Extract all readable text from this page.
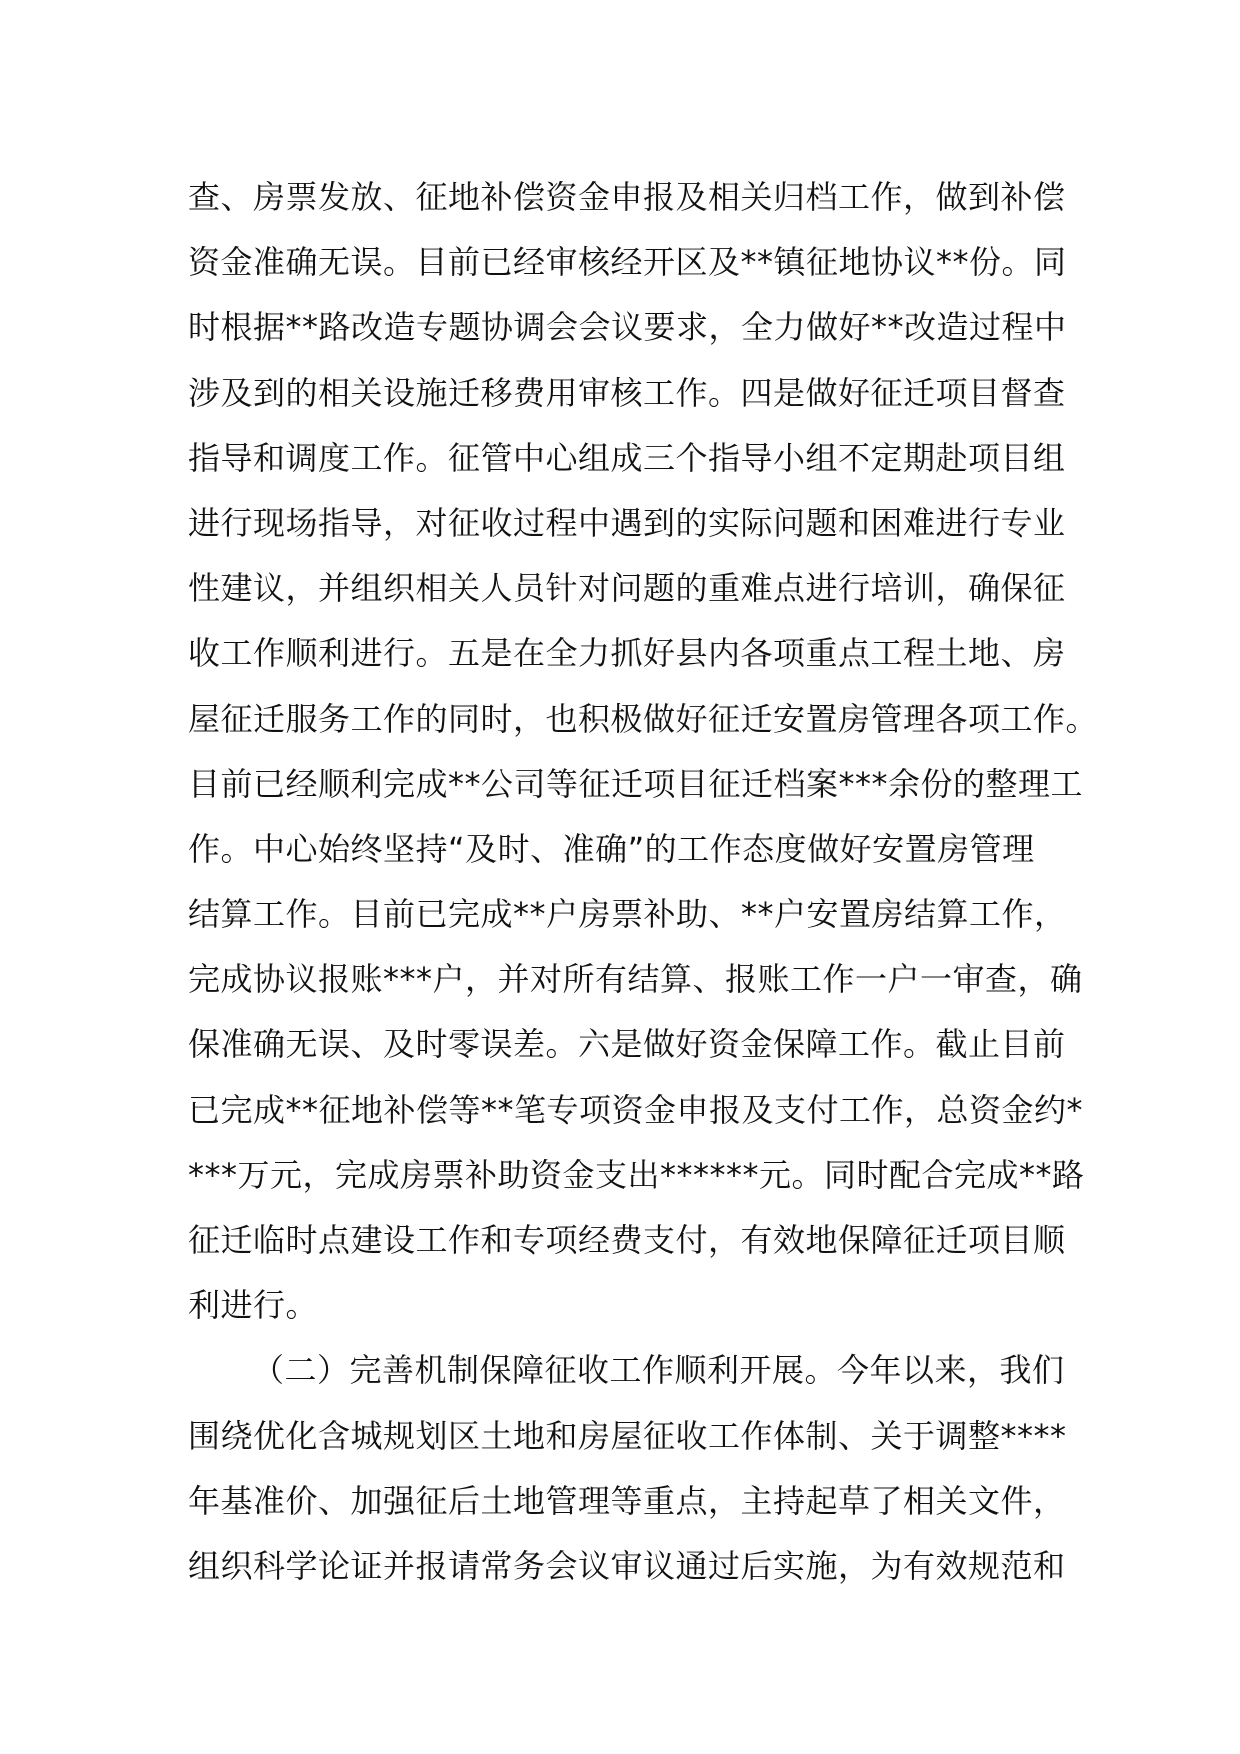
查、房票发放、征地补偿资金申报及相关归档工作，做到补偿
资金准确无误。目前已经审核经开区及**镇征地协议**份。同
时根据**路改造专题协调会会议要求，全力做好**改造过程中
涉及到的相关设施迁移费用审核工作。四是做好征迁项目督查
指导和调度工作。征管中心组成三个指导小组不定期赴项目组
进行现场指导，对征收过程中遇到的实际问题和困难进行专业
性建议，并组织相关人员针对问题的重难点进行培训，确保征
收工作顺利进行。五是在全力抓好县内各项重点工程土地、房
屋征迁服务工作的同时，也积极做好征迁安置房管理各项工作。
目前已经顺利完成**公司等征迁项目征迁档案***余份的整理工
作。中心始终坚持“及时、准确”的工作态度做好安置房管理
结算工作。目前已完成**户房票补助、**户安置房结算工作，
完成协议报账***户，并对所有结算、报账工作一户一审查，确
保准确无误、及时零误差。六是做好资金保障工作。截止目前
已完成**征地补偿等**笔专项资金申报及支付工作，总资金约*
***万元，完成房票补助资金支出******元。同时配合完成**路
征迁临时点建设工作和专项经费支付，有效地保障征迁项目顺
利进行。
（二）完善机制保障征收工作顺利开展。今年以来，我们
围绕优化含城规划区土地和房屋征收工作体制、关于调整****
年基准价、加强征后土地管理等重点，主持起草了相关文件，
组织科学论证并报请常务会议审议通过后实施，为有效规范和
